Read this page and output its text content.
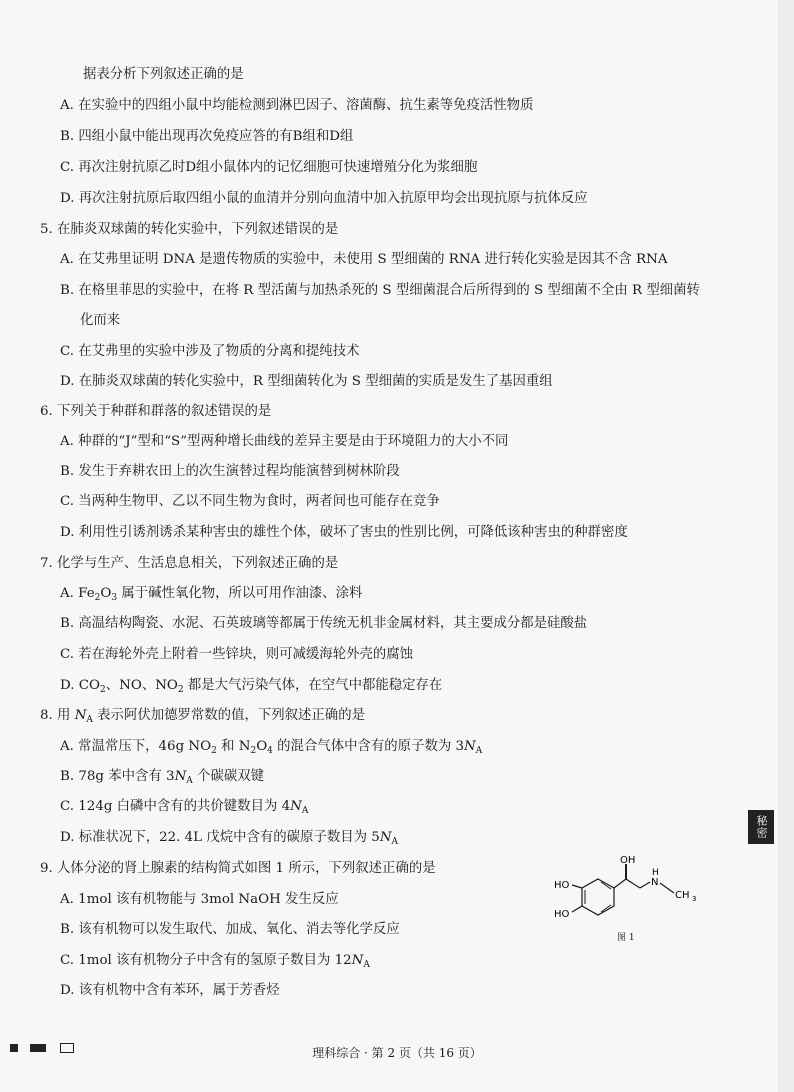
据表分析下列叙述正确的是
A. 在实验中的四组小鼠中均能检测到淋巴因子、溶菌酶、抗生素等免疫活性物质
B. 四组小鼠中能出现再次免疫应答的有B组和D组
C. 再次注射抗原乙时D组小鼠体内的记忆细胞可快速增殖分化为浆细胞
D. 再次注射抗原后取四组小鼠的血清并分别向血清中加入抗原甲均会出现抗原与抗体反应
5. 在肺炎双球菌的转化实验中，下列叙述错误的是
A. 在艾弗里证明 DNA 是遗传物质的实验中，未使用 S 型细菌的 RNA 进行转化实验是因其不含 RNA
B. 在格里菲思的实验中，在将 R 型活菌与加热杀死的 S 型细菌混合后所得到的 S 型细菌不全由 R 型细菌转
化而来
C. 在艾弗里的实验中涉及了物质的分离和提纯技术
D. 在肺炎双球菌的转化实验中，R 型细菌转化为 S 型细菌的实质是发生了基因重组
6. 下列关于种群和群落的叙述错误的是
A. 种群的“J”型和“S”型两种增长曲线的差异主要是由于环境阻力的大小不同
B. 发生于弃耕农田上的次生演替过程均能演替到树林阶段
C. 当两种生物甲、乙以不同生物为食时，两者间也可能存在竞争
D. 利用性引诱剂诱杀某种害虫的雄性个体，破坏了害虫的性别比例，可降低该种害虫的种群密度
7. 化学与生产、生活息息相关，下列叙述正确的是
A. $Fe_2O_3$ 属于碱性氧化物，所以可用作油漆、涂料
B. 高温结构陶瓷、水泥、石英玻璃等都属于传统无机非金属材料，其主要成分都是硅酸盐
C. 若在海轮外壳上附着一些锌块，则可减缓海轮外壳的腐蚀
D. $CO_2$、NO、$NO_2$ 都是大气污染气体，在空气中都能稳定存在
8. 用 $N_A$ 表示阿伏加德罗常数的值，下列叙述正确的是
A. 常温常压下，46g $NO_2$ 和 $N_2O_4$ 的混合气体中含有的原子数为 $3N_A$
B. 78g 苯中含有 $3N_A$ 个碳碳双键
C. 124g 白磷中含有的共价键数目为 $4N_A$
D. 标准状况下，22. 4L 戊烷中含有的碳原子数目为 $5N_A$
9. 人体分泌的肾上腺素的结构简式如图 1 所示，下列叙述正确的是
A. 1mol 该有机物能与 3mol NaOH 发生反应
B. 该有机物可以发生取代、加成、氧化、消去等化学反应
C. 1mol 该有机物分子中含有的氢原子数目为 $12N_A$
D. 该有机物中含有苯环，属于芳香烃
OH
HO
HO
N
H
CH 3
图 1
秘密
理科综合 · 第 2 页（共 16 页）
